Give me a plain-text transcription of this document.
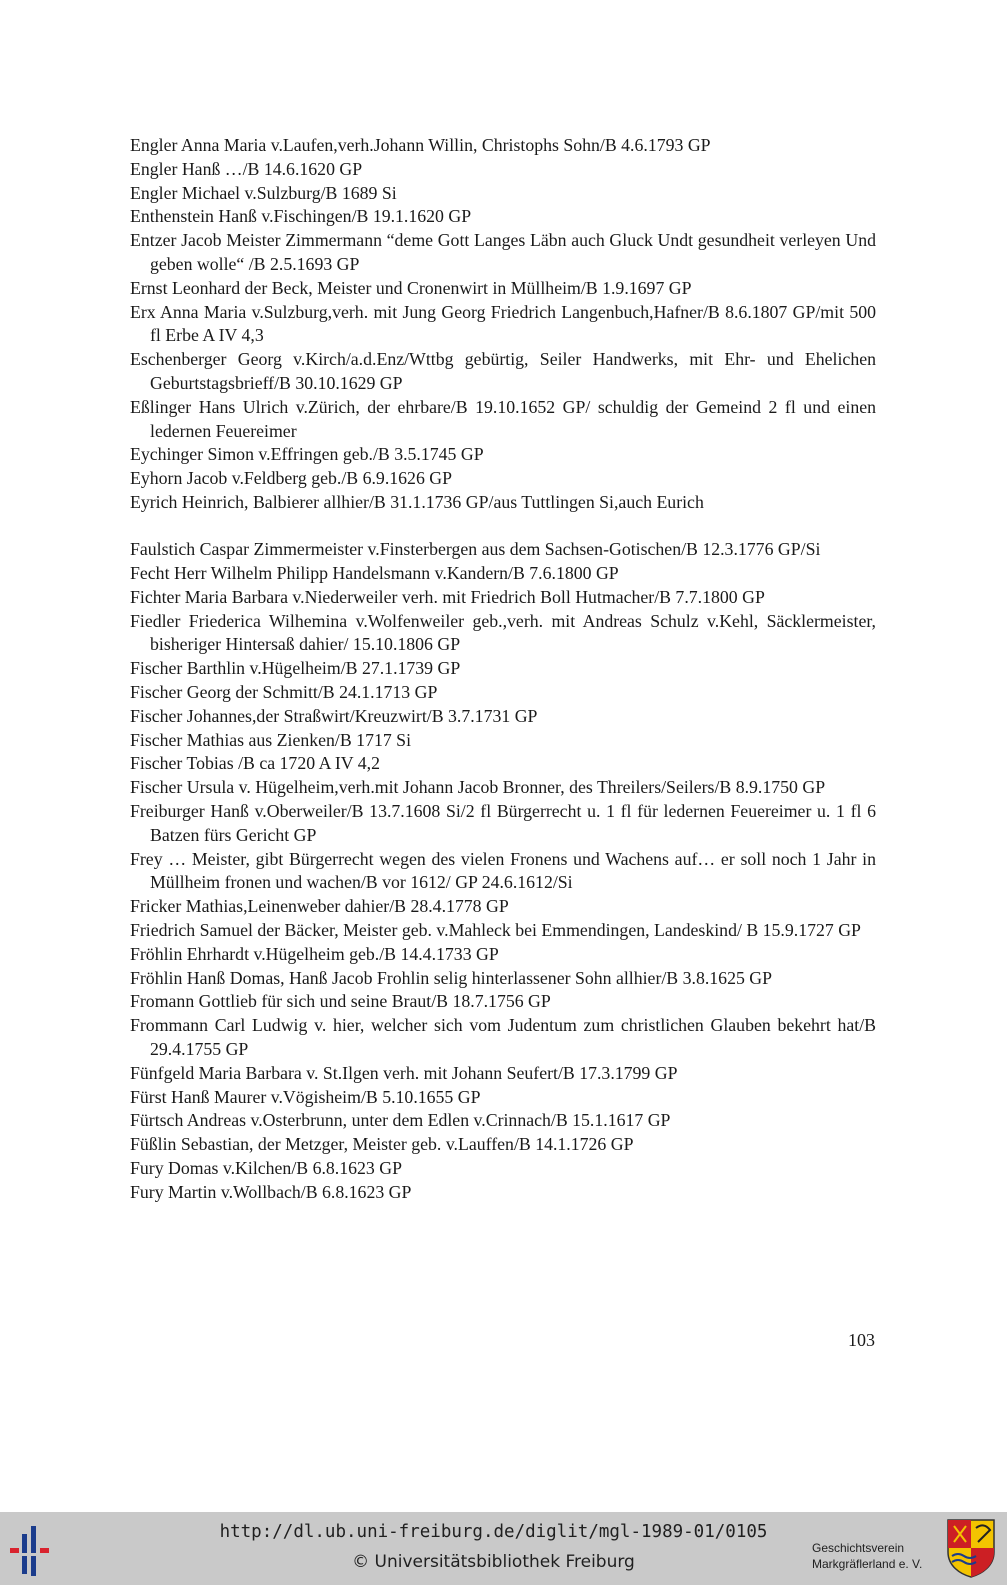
Engler Anna Maria v.Laufen,verh.Johann Willin, Christophs Sohn/B 4.6.1793 GP
Engler Hanß …/B 14.6.1620 GP
Engler Michael v.Sulzburg/B 1689 Si
Enthenstein Hanß v.Fischingen/B 19.1.1620 GP
Entzer Jacob Meister Zimmermann “deme Gott Langes Läbn auch Gluck Undt gesundheit verleyen Und geben wolle“ /B 2.5.1693 GP
Ernst Leonhard der Beck, Meister und Cronenwirt in Müllheim/B 1.9.1697 GP
Erx Anna Maria v.Sulzburg,verh. mit Jung Georg Friedrich Langenbuch,Hafner/B 8.6.1807 GP/mit 500 fl Erbe A IV 4,3
Eschenberger Georg v.Kirch/a.d.Enz/Wttbg gebürtig, Seiler Handwerks, mit Ehr- und Ehelichen Geburtstagsbrieff/B 30.10.1629 GP
Eßlinger Hans Ulrich v.Zürich, der ehrbare/B 19.10.1652 GP/ schuldig der Gemeind 2 fl und einen ledernen Feuereimer
Eychinger Simon v.Effringen geb./B 3.5.1745 GP
Eyhorn Jacob v.Feldberg geb./B 6.9.1626 GP
Eyrich Heinrich, Balbierer allhier/B 31.1.1736 GP/aus Tuttlingen Si,auch Eurich
Faulstich Caspar Zimmermeister v.Finsterbergen aus dem Sachsen-Gotischen/B 12.3.1776 GP/Si
Fecht Herr Wilhelm Philipp Handelsmann v.Kandern/B 7.6.1800 GP
Fichter Maria Barbara v.Niederweiler verh. mit Friedrich Boll Hutmacher/B 7.7.1800 GP
Fiedler Friederica Wilhemina v.Wolfenweiler geb.,verh. mit Andreas Schulz v.Kehl, Säcklermeister, bisheriger Hintersaß dahier/ 15.10.1806 GP
Fischer Barthlin v.Hügelheim/B 27.1.1739 GP
Fischer Georg der Schmitt/B 24.1.1713 GP
Fischer Johannes,der Straßwirt/Kreuzwirt/B 3.7.1731 GP
Fischer Mathias aus Zienken/B 1717 Si
Fischer Tobias /B ca 1720 A IV 4,2
Fischer Ursula v. Hügelheim,verh.mit Johann Jacob Bronner, des Threilers/Seilers/B 8.9.1750 GP
Freiburger Hanß v.Oberweiler/B 13.7.1608 Si/2 fl Bürgerrecht u. 1 fl für ledernen Feuereimer u. 1 fl 6 Batzen fürs Gericht GP
Frey … Meister, gibt Bürgerrecht wegen des vielen Fronens und Wachens auf… er soll noch 1 Jahr in Müllheim fronen und wachen/B vor 1612/ GP 24.6.1612/Si
Fricker Mathias,Leinenweber dahier/B 28.4.1778 GP
Friedrich Samuel der Bäcker, Meister geb. v.Mahleck bei Emmendingen, Landeskind/ B 15.9.1727 GP
Fröhlin Ehrhardt v.Hügelheim geb./B 14.4.1733 GP
Fröhlin Hanß Domas, Hanß Jacob Frohlin selig hinterlassener Sohn allhier/B 3.8.1625 GP
Fromann Gottlieb für sich und seine Braut/B 18.7.1756 GP
Frommann Carl Ludwig v. hier, welcher sich vom Judentum zum christlichen Glauben bekehrt hat/B 29.4.1755 GP
Fünfgeld Maria Barbara v. St.Ilgen verh. mit Johann Seufert/B 17.3.1799 GP
Fürst Hanß Maurer v.Vögisheim/B 5.10.1655 GP
Fürtsch Andreas v.Osterbrunn, unter dem Edlen v.Crinnach/B 15.1.1617 GP
Füßlin Sebastian, der Metzger, Meister geb. v.Lauffen/B 14.1.1726 GP
Fury Domas v.Kilchen/B 6.8.1623 GP
Fury Martin v.Wollbach/B 6.8.1623 GP
103
http://dl.ub.uni-freiburg.de/diglit/mgl-1989-01/0105
© Universitätsbibliothek Freiburg
Geschichtsverein
Markgräflerland e. V.
